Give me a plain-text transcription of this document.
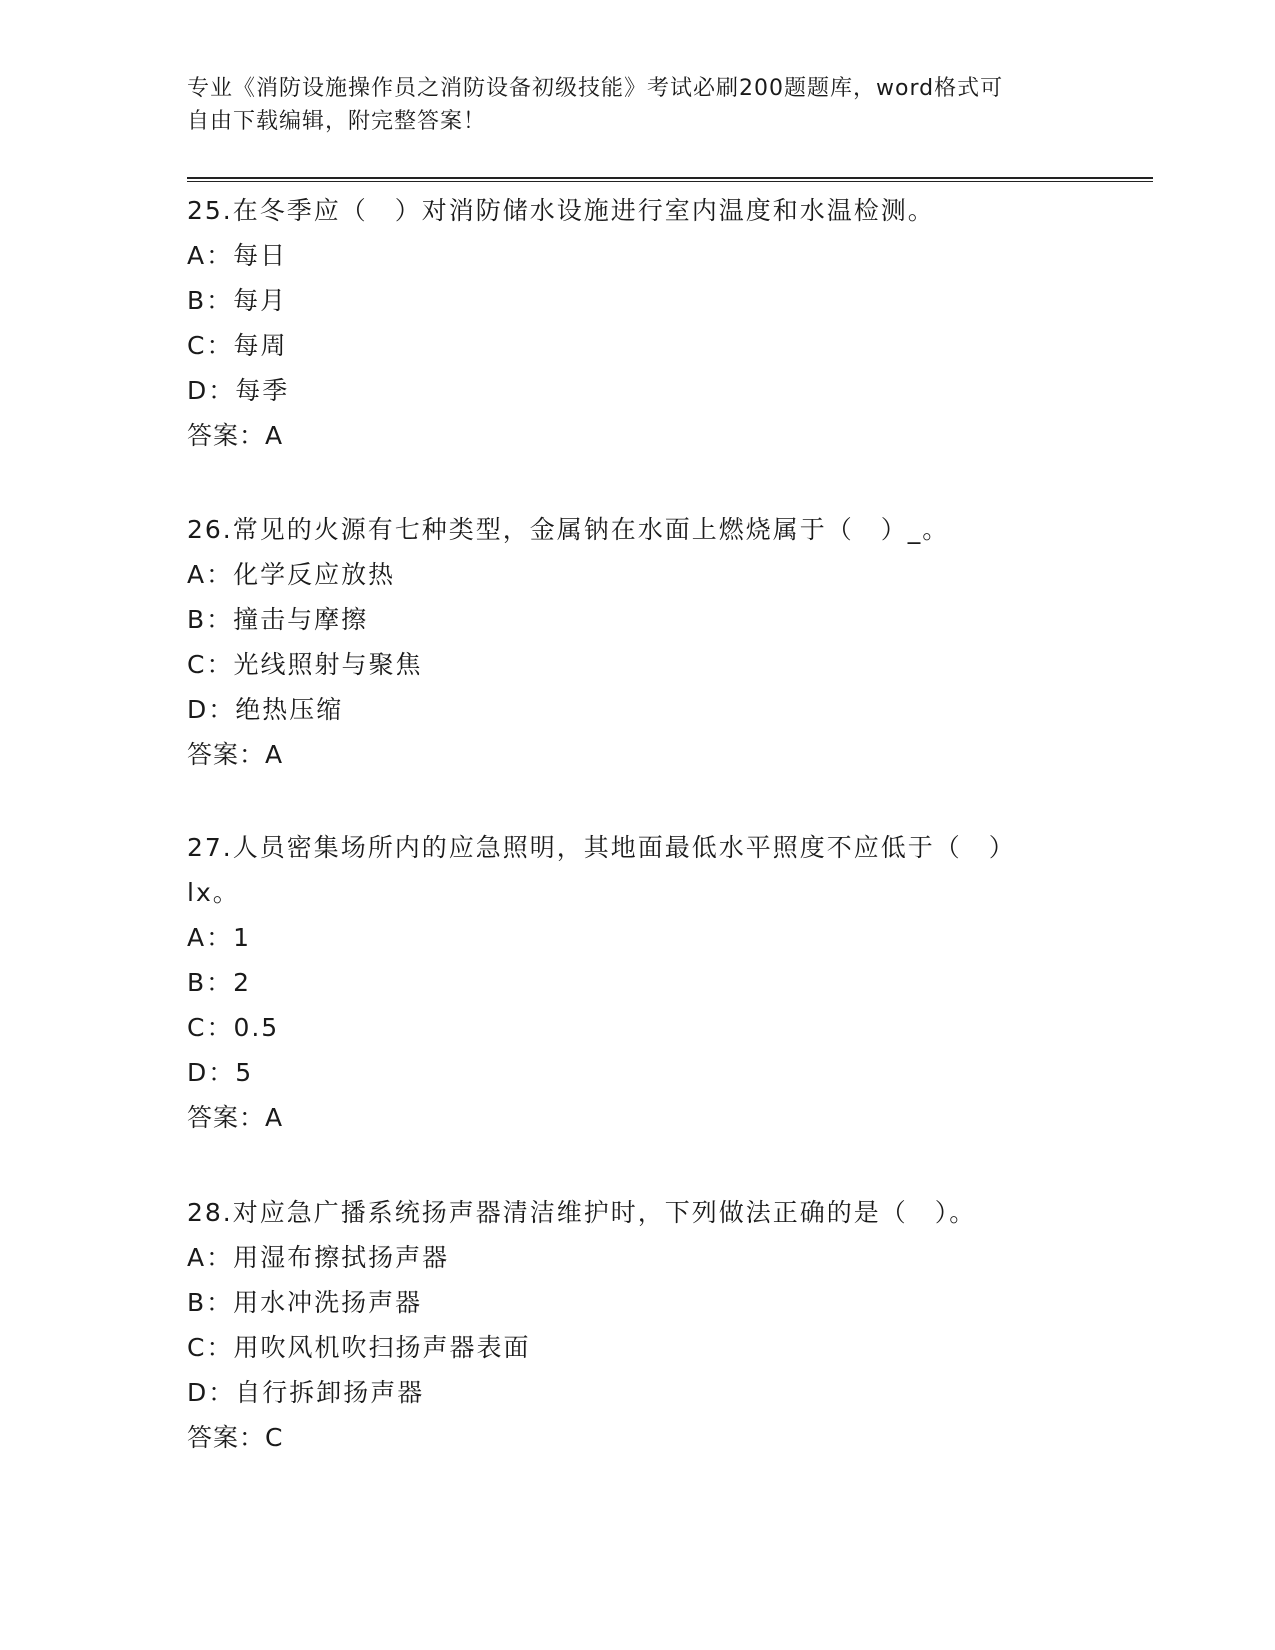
专业《消防设施操作员之消防设备初级技能》考试必刷200题题库，word格式可
自由下载编辑，附完整答案！
25.在冬季应（　）对消防储水设施进行室内温度和水温检测。
A：每日
B：每月
C：每周
D：每季
答案：A
26.常见的火源有七种类型，金属钠在水面上燃烧属于（　）_。
A：化学反应放热
B：撞击与摩擦
C：光线照射与聚焦
D：绝热压缩
答案：A
27.人员密集场所内的应急照明，其地面最低水平照度不应低于（　）
lx。
A：1
B：2
C：0.5
D：5
答案：A
28.对应急广播系统扬声器清洁维护时，下列做法正确的是（　）。
A：用湿布擦拭扬声器
B：用水冲洗扬声器
C：用吹风机吹扫扬声器表面
D：自行拆卸扬声器
答案：C
